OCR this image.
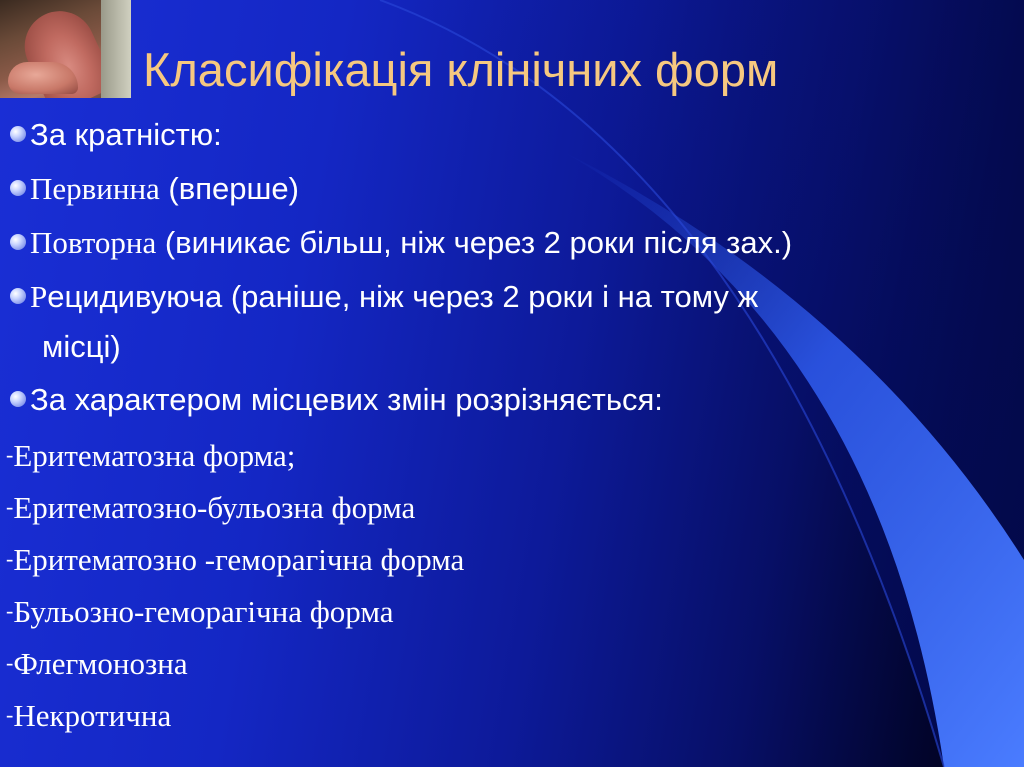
Класифікація клінічних форм
За кратністю:
Первинна (вперше)
Повторна (виникає більш, ніж через 2 роки після зах.)
Рецидивуюча (раніше, ніж через 2 роки і на тому ж
місці)
За характером місцевих змін розрізняється:
-Еритематозна форма;
-Еритематозно-бульозна форма
-Еритематозно -геморагічна форма
-Бульозно-геморагічна форма
-Флегмонозна
-Некротична
